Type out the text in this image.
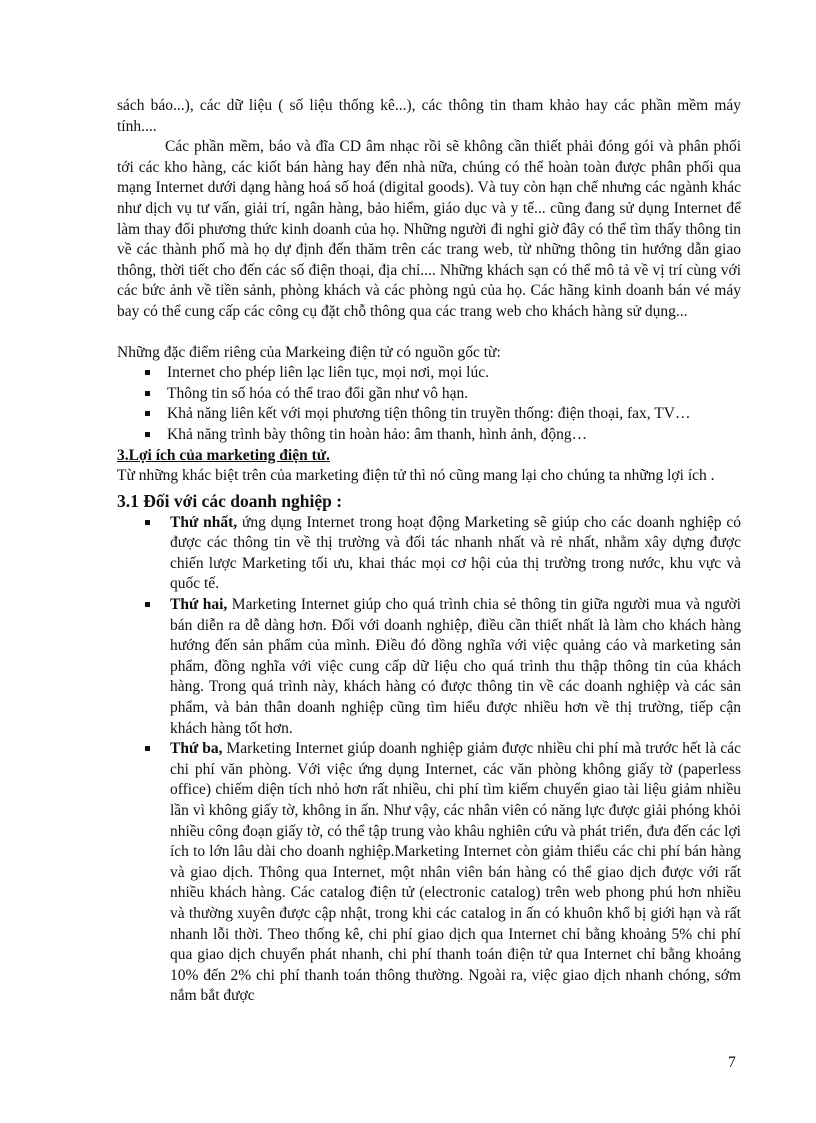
sách báo...), các dữ liệu ( số liệu thống kê...), các thông tin tham khảo hay các phần mềm máy tính....

Các phần mềm, báo và đĩa CD âm nhạc rồi sẽ không cần thiết phải đóng gói và phân phối tới các kho hàng, các kiốt bán hàng hay đến nhà nữa, chúng có thể hoàn toàn được phân phối qua mạng Internet dưới dạng hàng hoá số hoá (digital goods). Và tuy còn hạn chế nhưng các ngành khác như dịch vụ tư vấn, giải trí, ngân hàng, bảo hiểm, giáo dục và y tế... cũng đang sử dụng Internet để làm thay đổi phương thức kinh doanh của họ. Những người đi nghỉ giờ đây có thể tìm thấy thông tin về các thành phố mà họ dự định đến thăm trên các trang web, từ những thông tin hướng dẫn giao thông, thời tiết cho đến các số điện thoại, địa chỉ.... Những khách sạn có thể mô tả về vị trí cùng với các bức ảnh về tiền sảnh, phòng khách và các phòng ngủ của họ. Các hãng kinh doanh bán vé máy bay có thể cung cấp các công cụ đặt chỗ thông qua các trang web cho khách hàng sử dụng...

Những đặc điểm riêng của Markeing điện tử có nguồn gốc từ:

Internet cho phép liên lạc liên tục, mọi nơi, mọi lúc.
Thông tin số hóa có thể trao đổi gần như vô hạn.
Khả năng liên kết với mọi phương tiện thông tin truyền thống: điện thoại, fax, TV…
Khả năng trình bày thông tin hoàn hảo: âm thanh, hình ảnh, động…

3.Lợi ích của marketing điện tử.

Từ những khác biệt trên của marketing điện tử thì nó cũng mang lại cho chúng ta những lợi ích .

3.1 Đối với các doanh nghiệp :

Thứ nhất, ứng dụng Internet trong hoạt động Marketing sẽ giúp cho các doanh nghiệp có được các thông tin về thị trường và đối tác nhanh nhất và rẻ nhất, nhằm xây dựng được chiến lược Marketing tối ưu, khai thác mọi cơ hội của thị trường trong nước, khu vực và quốc tế.
Thứ hai, Marketing Internet giúp cho quá trình chia sẻ thông tin giữa người mua và người bán diễn ra dễ dàng hơn. Đối với doanh nghiệp, điều cần thiết nhất là làm cho khách hàng hướng đến sản phẩm của mình. Điều đó đồng nghĩa với việc quảng cáo và marketing sản phẩm, đồng nghĩa với việc cung cấp dữ liệu cho quá trình thu thập thông tin của khách hàng. Trong quá trình này, khách hàng có được thông tin về các doanh nghiệp và các sản phẩm, và bản thân doanh nghiệp cũng tìm hiểu được nhiều hơn về thị trường, tiếp cận khách hàng tốt hơn.
Thứ ba, Marketing Internet giúp doanh nghiệp giảm được nhiều chi phí mà trước hết là các chi phí văn phòng. Với việc ứng dụng Internet, các văn phòng không giấy tờ (paperless office) chiếm diện tích nhỏ hơn rất nhiều, chi phí tìm kiếm chuyển giao tài liệu giảm nhiều lần vì không giấy tờ, không in ấn. Như vậy, các nhân viên có năng lực được giải phóng khỏi nhiều công đoạn giấy tờ, có thể tập trung vào khâu nghiên cứu và phát triển, đưa đến các lợi ích to lớn lâu dài cho doanh nghiệp.Marketing Internet còn giảm thiểu các chi phí bán hàng và giao dịch. Thông qua Internet, một nhân viên bán hàng có thể giao dịch được với rất nhiều khách hàng. Các catalog điện tử (electronic catalog) trên web phong phú hơn nhiều và thường xuyên được cập nhật, trong khi các catalog in ấn có khuôn khổ bị giới hạn và rất nhanh lỗi thời. Theo thống kê, chi phí giao dịch qua Internet chỉ bằng khoảng 5% chi phí qua giao dịch chuyển phát nhanh, chi phí thanh toán điện tử qua Internet chỉ bằng khoảng 10% đến 2% chi phí thanh toán thông thường. Ngoài ra, việc giao dịch nhanh chóng, sớm nắm bắt được
7
